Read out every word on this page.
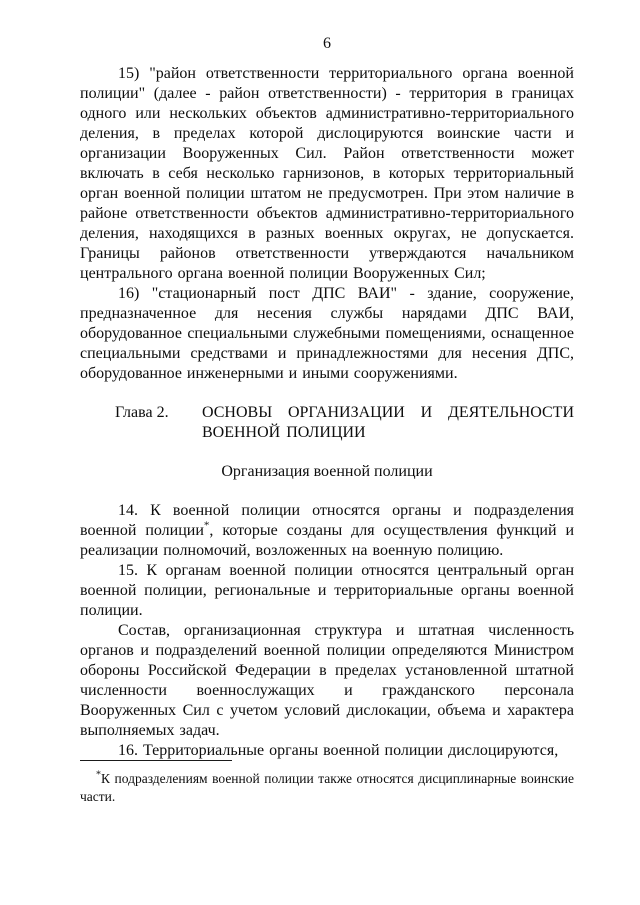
6

15) "район ответственности территориального органа военной полиции" (далее - район ответственности) - территория в границах одного или нескольких объектов административно-территориального деления, в пределах которой дислоцируются воинские части и организации Вооруженных Сил. Район ответственности может включать в себя несколько гарнизонов, в которых территориальный орган военной полиции штатом не предусмотрен. При этом наличие в районе ответственности объектов административно-территориального деления, находящихся в разных военных округах, не допускается. Границы районов ответственности утверждаются начальником центрального органа военной полиции Вооруженных Сил;

16) "стационарный пост ДПС ВАИ" - здание, сооружение, предназначенное для несения службы нарядами ДПС ВАИ, оборудованное специальными служебными помещениями, оснащенное специальными средствами и принадлежностями для несения ДПС, оборудованное инженерными и иными сооружениями.

Глава 2.	ОСНОВЫ ОРГАНИЗАЦИИ И ДЕЯТЕЛЬНОСТИ ВОЕННОЙ ПОЛИЦИИ
Организация военной полиции

14. К военной полиции относятся органы и подразделения военной полиции*, которые созданы для осуществления функций и реализации полномочий, возложенных на военную полицию.

15. К органам военной полиции относятся центральный орган военной полиции, региональные и территориальные органы военной полиции.

Состав, организационная структура и штатная численность органов и подразделений военной полиции определяются Министром обороны Российской Федерации в пределах установленной штатной численности военнослужащих и гражданского персонала Вооруженных Сил с учетом условий дислокации, объема и характера выполняемых задач.

16. Территориальные органы военной полиции дислоцируются,

*К подразделениям военной полиции также относятся дисциплинарные воинские части.
